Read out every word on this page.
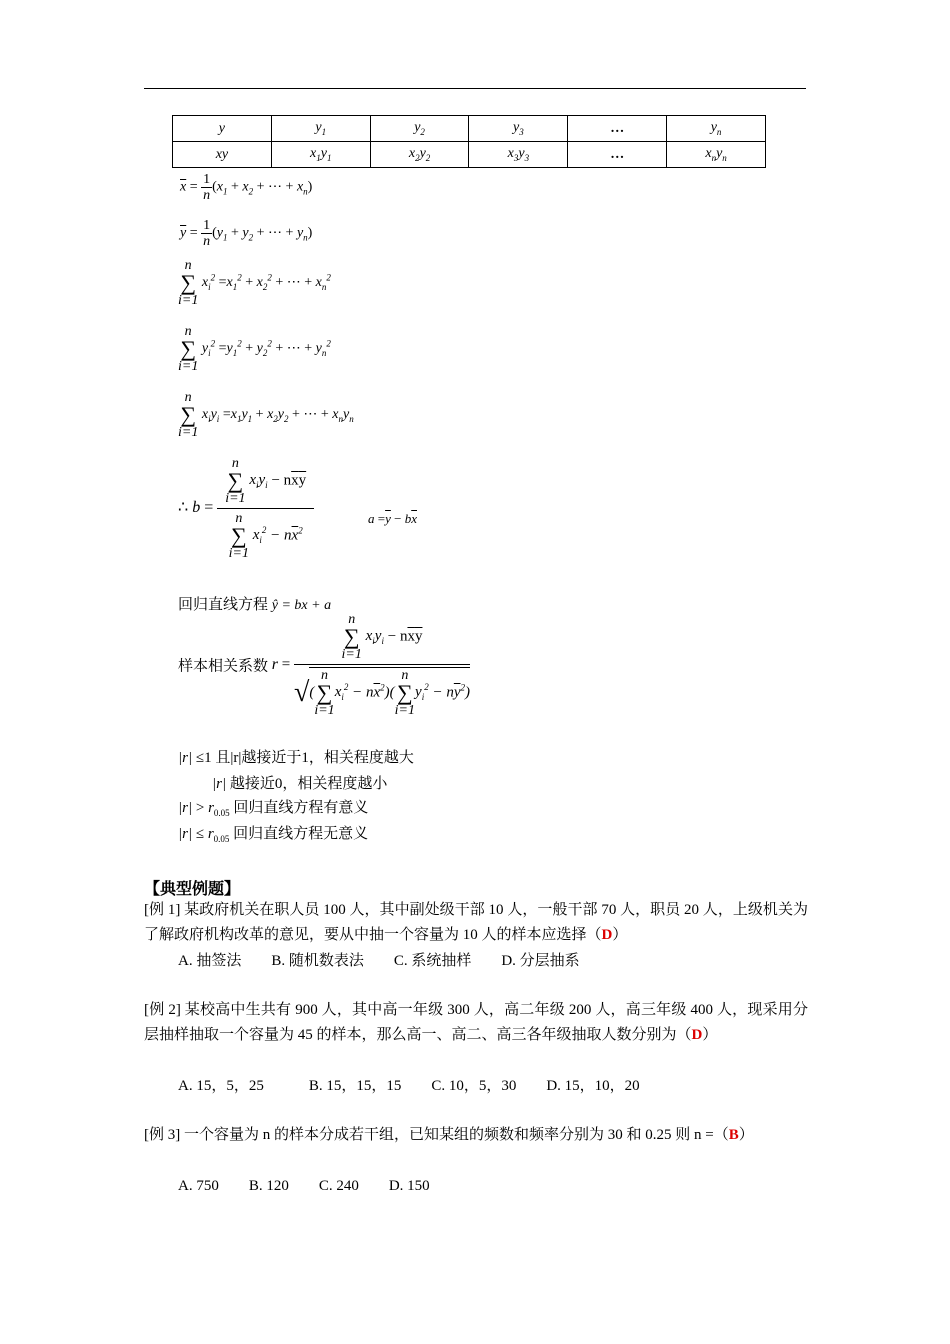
y	$y_1$	$y_2$	$y_3$	…	$y_n$
xy	$x_1y_1$	$x_2y_2$	$x_3y_3$	…	$x_ny_n$
$\overline{x} = \frac{1}{n} (x_1 + x_2$ + ⋯ + $x_n$)
$\overline{y} = \frac{1}{n} (y_1 + y_2$ + ⋯ + $y_n$)
n
∑
i=1
$x_i^2 =x_1^2 + x_2^2$ + ⋯ + $x_n^2$
n
∑
i=1
$y_i^2 =y_1^2 + y_2^2$ + ⋯ + $y_n^2$
n
∑
i=1
$x_iy_i =x_1y_1 + x_2y_2$ + ⋯ + $x_ny_n$
∴ b = n
∑
i=1
$x_iy_i - n\overline{x}\overline{y}$
n
∑
i=1
$x_i^2 - n\overline{x}^2$	$a =\overline{y} - b\overline{x}$
回归直线方程 ŷ = bx + a
样本相关系数 r = n
∑
i=1
$x_iy_i - n\overline{x}\overline{y}$
√(
n
∑
i=1
$x_i^2 - n\overline{x}^2$)(
n
∑
i=1
$y_i^2 - n\overline{y}^2$)
|r| ≤1 且|r|越接近于1，相关程度越大
|r| 越接近0，相关程度越小
$|r| > r_{0.05}$ 回归直线方程有意义
$|r| \le r_{0.05}$ 回归直线方程无意义
【典型例题】
[例 1] 某政府机关在职人员 100 人，其中副处级干部 10 人，一般干部 70 人，职员 20 人，上级机关为了解政府机构改革的意见，要从中抽一个容量为 10 人的样本应选择（D）
A. 抽签法　　B. 随机数表法　　C. 系统抽样　　D. 分层抽系
[例 2] 某校高中生共有 900 人，其中高一年级 300 人，高二年级 200 人，高三年级 400 人，现采用分层抽样抽取一个容量为 45 的样本，那么高一、高二、高三各年级抽取人数分别为（D）
A. 15，5，25　　　B. 15，15，15　　C. 10，5，30　　D. 15，10，20
[例 3] 一个容量为 n 的样本分成若干组，已知某组的频数和频率分别为 30 和 0.25 则 n =（B）
A. 750　　B. 120　　C. 240　　D. 150
